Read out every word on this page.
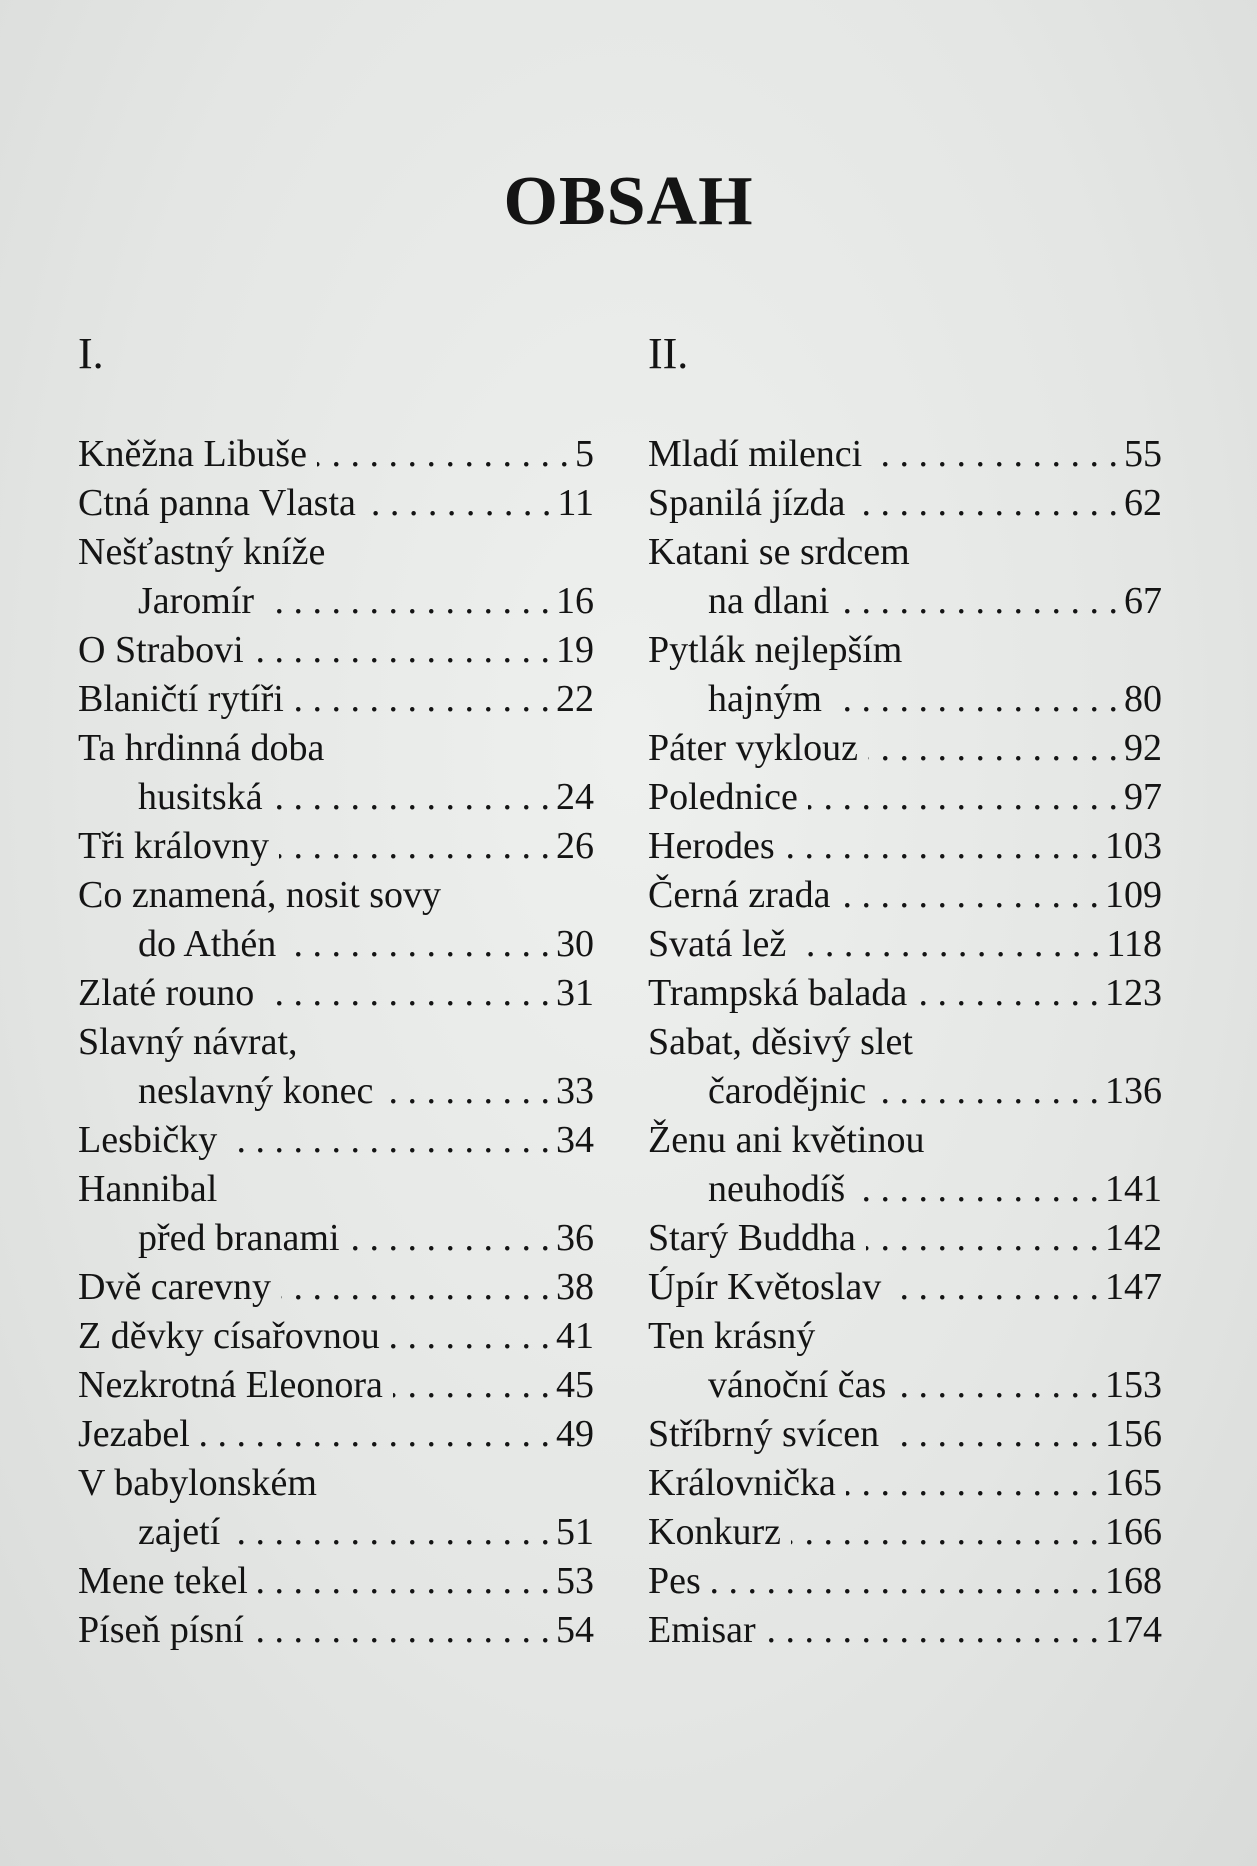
OBSAH
I.
Kněžna Libuše . . .	5
Ctná panna Vlasta . . .	11
Nešťastný kníže
Jaromír . . .	16
O Strabovi . . .	19
Blaničtí rytíři . . .	22
Ta hrdinná doba
husitská . . .	24
Tři královny . . .	26
Co znamená, nosit sovy
do Athén . . .	30
Zlaté rouno . . .	31
Slavný návrat,
neslavný konec . . .	33
Lesbičky . . .	34
Hannibal
před branami . . .	36
Dvě carevny . . .	38
Z děvky císařovnou . . .	41
Nezkrotná Eleonora . . .	45
Jezabel . . .	49
V babylonském
zajetí . . .	51
Mene tekel . . .	53
Píseň písní . . .	54
II.
Mladí milenci . . .	55
Spanilá jízda . . .	62
Katani se srdcem
na dlani . . .	67
Pytlák nejlepším
hajným . . .	80
Páter vyklouz . . .	92
Polednice . . .	97
Herodes . . .	103
Černá zrada . . .	109
Svatá lež . . .	118
Trampská balada . . .	123
Sabat, děsivý slet
čarodějnic . . .	136
Ženu ani květinou
neuhodíš . . .	141
Starý Buddha . . .	142
Úpír Květoslav . . .	147
Ten krásný
vánoční čas . . .	153
Stříbrný svícen . . .	156
Královnička . . .	165
Konkurz . . .	166
Pes . . .	168
Emisar . . .	174
